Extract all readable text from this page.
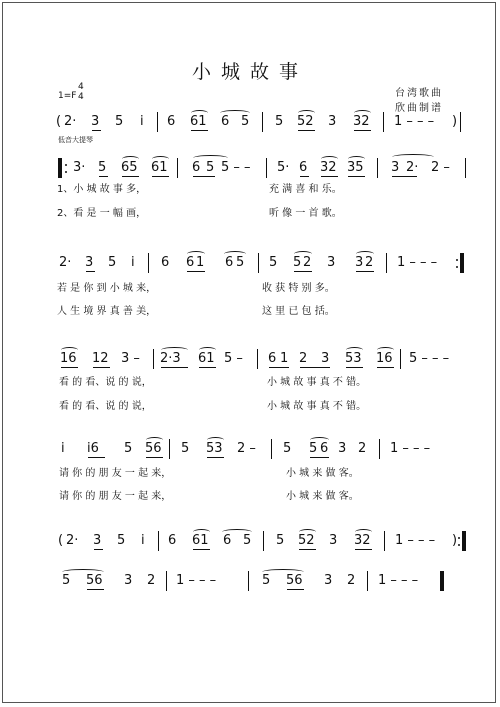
小城故事
1=F
4
4	台湾歌曲
欣曲制谱
低音大提琴
( 2· 3 5 i 6 61 6 5 5 52 3 32 1 – – – )
3· 5 65 61 6 5 5 – – 5· 6 32 35 3 2· 2 –
1、小 城 故 事 多，	充 满 喜 和 乐。
2、看 是 一 幅 画，	听 像 一 首 歌。
2· 3 5 i 6 6 1 6 5 5 5 2 3 3 2 1 – – –
若 是 你 到 小 城 来，	收 获 特 别 多。
人 生 境 界 真 善 美，	这 里 已 包 括。
16 12 3 – 2·3 61 5 – 6 1 2 3 53 16 5 – – –
看 的 看、说 的 说，	小 城 故 事 真 不 错。
看 的 看、说 的 说，	小 城 故 事 真 不 错。
i i6 5 56 5 53 2 – 5 5 6 3 2 1 – – –
请 你 的 朋 友 一 起 来，	小 城 来 做 客。
请 你 的 朋 友 一 起 来，	小 城 来 做 客。
( 2· 3 5 i 6 61 6 5 5 52 3 32 1 – – – )
5 56 3 2 1 – – –	5 56 3 2 1 – – –
